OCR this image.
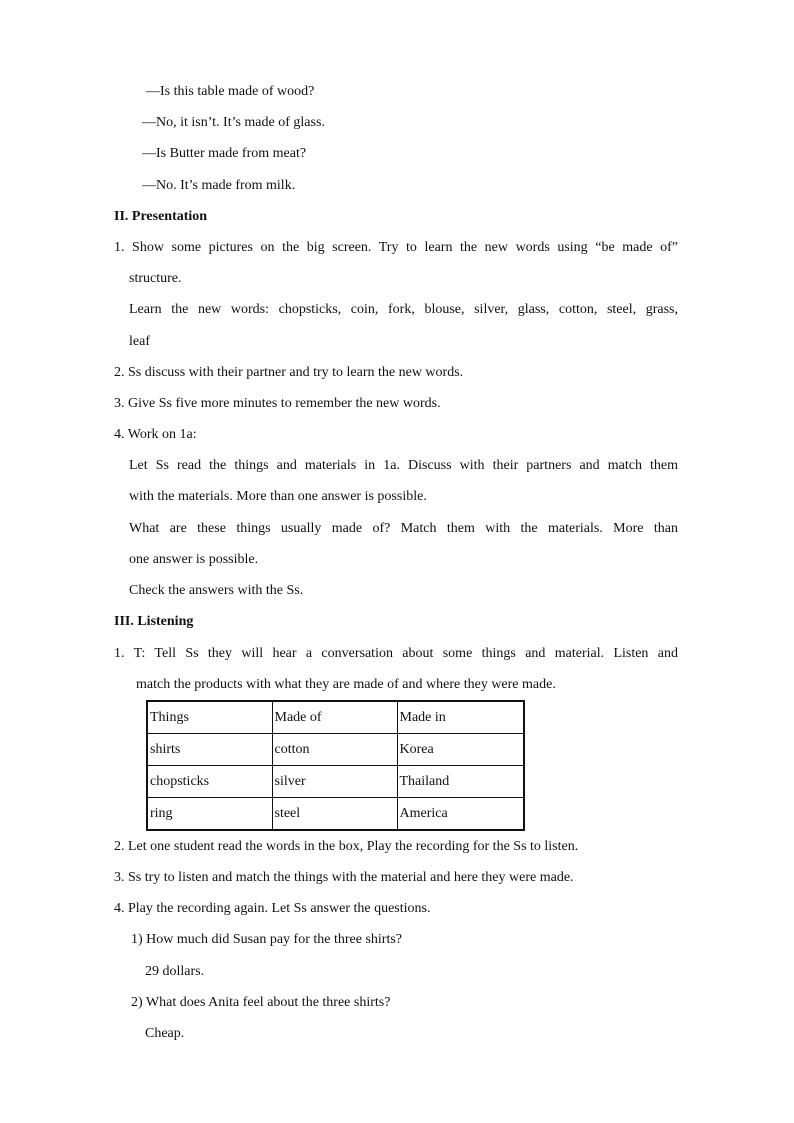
—Is this table made of wood?
—No, it isn’t. It’s made of glass.
—Is Butter made from meat?
—No. It’s made from milk.
II. Presentation
1. Show some pictures on the big screen. Try to learn the new words using “be made of”
structure.
Learn the new words: chopsticks, coin, fork, blouse, silver, glass, cotton, steel, grass,
leaf
2. Ss discuss with their partner and try to learn the new words.
3. Give Ss five more minutes to remember the new words.
4. Work on 1a:
Let Ss read the things and materials in 1a. Discuss with their partners and match them
with the materials. More than one answer is possible.
What are these things usually made of? Match them with the materials. More than
one answer is possible.
Check the answers with the Ss.
III. Listening
1. T: Tell Ss they will hear a conversation about some things and material. Listen and
match the products with what they are made of and where they were made.
Things	Made of	Made in
shirts	cotton	Korea
chopsticks	silver	Thailand
ring	steel	America
2. Let one student read the words in the box, Play the recording for the Ss to listen.
3. Ss try to listen and match the things with the material and here they were made.
4. Play the recording again. Let Ss answer the questions.
1) How much did Susan pay for the three shirts?
29 dollars.
2) What does Anita feel about the three shirts?
Cheap.
